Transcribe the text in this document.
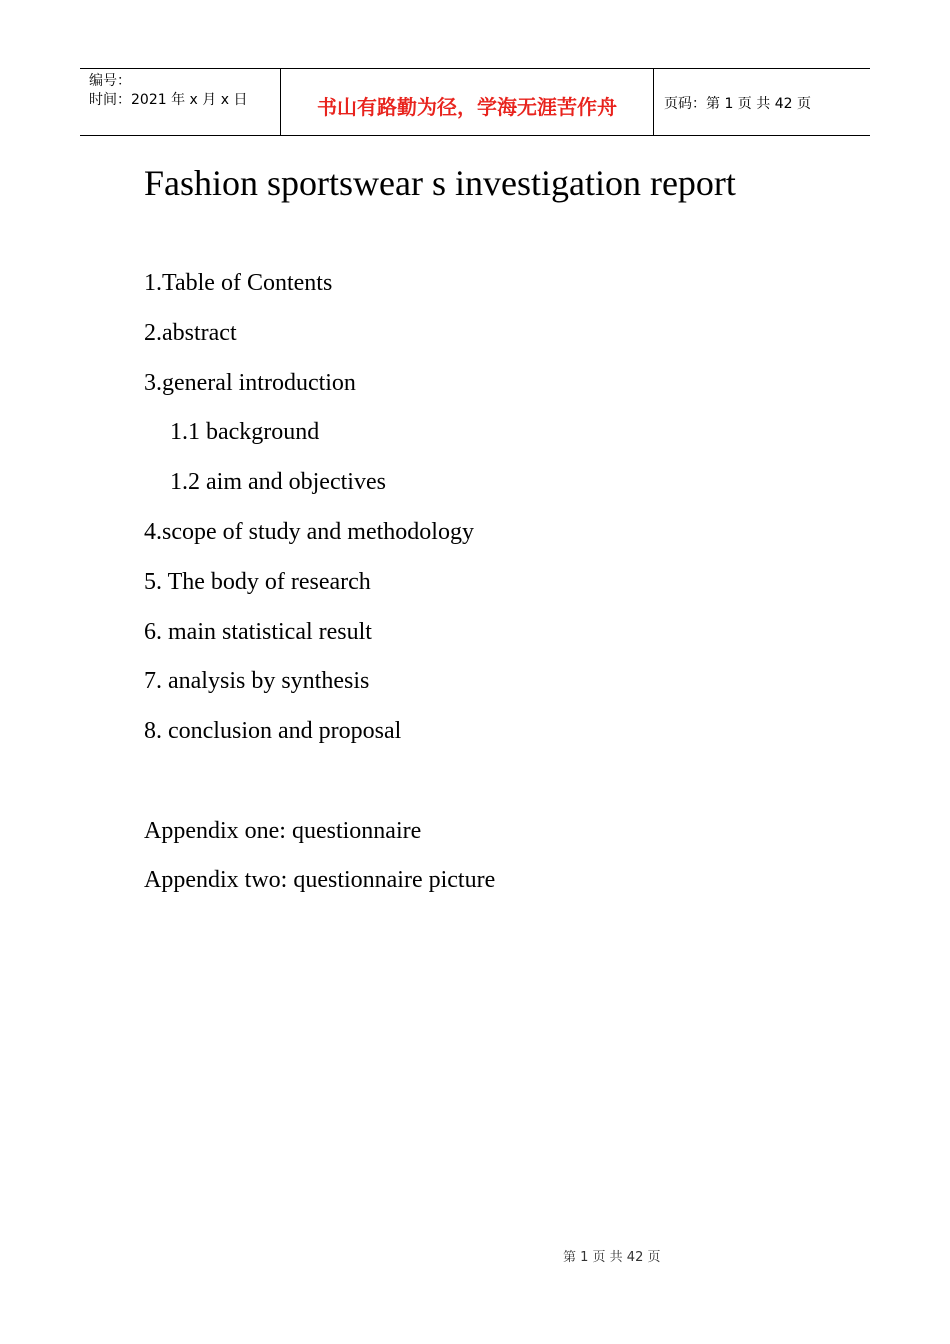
编号：
时间：2021 年 x 月 x 日	书山有路勤为径，学海无涯苦作舟	页码：第 1 页 共 42 页
Fashion sportswear s investigation report
1.Table of Contents
2.abstract
3.general introduction
1.1 background
1.2 aim and objectives
4.scope of study and methodology
5. The body of research
6. main statistical result
7. analysis by synthesis
8. conclusion and proposal
Appendix one: questionnaire
Appendix two: questionnaire picture
第 1 页 共 42 页
